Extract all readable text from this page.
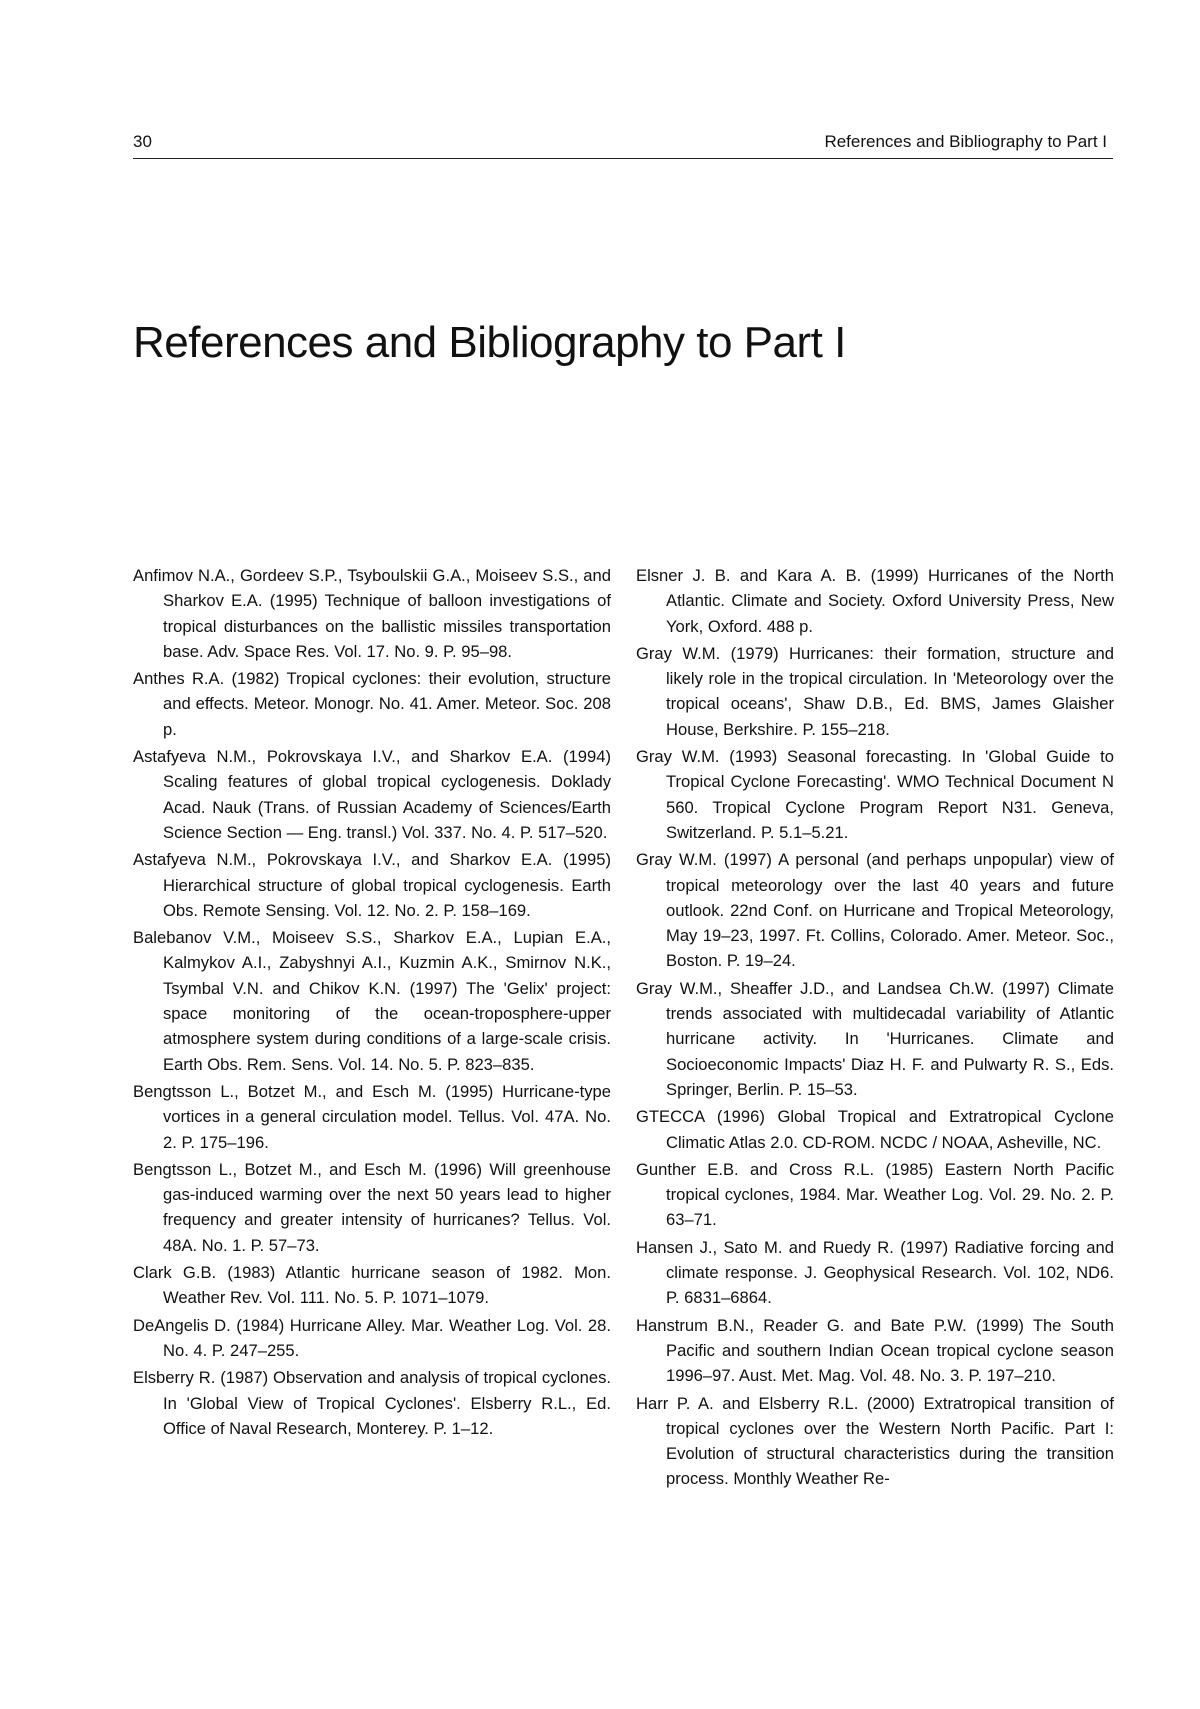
30	References and Bibliography to Part I
References and Bibliography to Part I
Anfimov N.A., Gordeev S.P., Tsyboulskii G.A., Moiseev S.S., and Sharkov E.A. (1995) Technique of balloon investigations of tropical disturbances on the ballistic missiles transportation base. Adv. Space Res. Vol. 17. No. 9. P. 95–98.
Anthes R.A. (1982) Tropical cyclones: their evolution, structure and effects. Meteor. Monogr. No. 41. Amer. Meteor. Soc. 208 p.
Astafyeva N.M., Pokrovskaya I.V., and Sharkov E.A. (1994) Scaling features of global tropical cyclogenesis. Doklady Acad. Nauk (Trans. of Russian Academy of Sciences/Earth Science Section — Eng. transl.) Vol. 337. No. 4. P. 517–520.
Astafyeva N.M., Pokrovskaya I.V., and Sharkov E.A. (1995) Hierarchical structure of global tropical cyclogenesis. Earth Obs. Remote Sensing. Vol. 12. No. 2. P. 158–169.
Balebanov V.M., Moiseev S.S., Sharkov E.A., Lupian E.A., Kalmykov A.I., Zabyshnyi A.I., Kuzmin A.K., Smirnov N.K., Tsymbal V.N. and Chikov K.N. (1997) The 'Gelix' project: space monitoring of the ocean-troposphere-upper atmosphere system during conditions of a large-scale crisis. Earth Obs. Rem. Sens. Vol. 14. No. 5. P. 823–835.
Bengtsson L., Botzet M., and Esch M. (1995) Hurricane-type vortices in a general circulation model. Tellus. Vol. 47A. No. 2. P. 175–196.
Bengtsson L., Botzet M., and Esch M. (1996) Will greenhouse gas-induced warming over the next 50 years lead to higher frequency and greater intensity of hurricanes? Tellus. Vol. 48A. No. 1. P. 57–73.
Clark G.B. (1983) Atlantic hurricane season of 1982. Mon. Weather Rev. Vol. 111. No. 5. P. 1071–1079.
DeAngelis D. (1984) Hurricane Alley. Mar. Weather Log. Vol. 28. No. 4. P. 247–255.
Elsberry R. (1987) Observation and analysis of tropical cyclones. In 'Global View of Tropical Cyclones'. Elsberry R.L., Ed. Office of Naval Research, Monterey. P. 1–12.
Elsner J. B. and Kara A. B. (1999) Hurricanes of the North Atlantic. Climate and Society. Oxford University Press, New York, Oxford. 488 p.
Gray W.M. (1979) Hurricanes: their formation, structure and likely role in the tropical circulation. In 'Meteorology over the tropical oceans', Shaw D.B., Ed. BMS, James Glaisher House, Berkshire. P. 155–218.
Gray W.M. (1993) Seasonal forecasting. In 'Global Guide to Tropical Cyclone Forecasting'. WMO Technical Document N 560. Tropical Cyclone Program Report N31. Geneva, Switzerland. P. 5.1–5.21.
Gray W.M. (1997) A personal (and perhaps unpopular) view of tropical meteorology over the last 40 years and future outlook. 22nd Conf. on Hurricane and Tropical Meteorology, May 19–23, 1997. Ft. Collins, Colorado. Amer. Meteor. Soc., Boston. P. 19–24.
Gray W.M., Sheaffer J.D., and Landsea Ch.W. (1997) Climate trends associated with multidecadal variability of Atlantic hurricane activity. In 'Hurricanes. Climate and Socioeconomic Impacts' Diaz H. F. and Pulwarty R. S., Eds. Springer, Berlin. P. 15–53.
GTECCA (1996) Global Tropical and Extratropical Cyclone Climatic Atlas 2.0. CD-ROM. NCDC / NOAA, Asheville, NC.
Gunther E.B. and Cross R.L. (1985) Eastern North Pacific tropical cyclones, 1984. Mar. Weather Log. Vol. 29. No. 2. P. 63–71.
Hansen J., Sato M. and Ruedy R. (1997) Radiative forcing and climate response. J. Geophysical Research. Vol. 102, ND6. P. 6831–6864.
Hanstrum B.N., Reader G. and Bate P.W. (1999) The South Pacific and southern Indian Ocean tropical cyclone season 1996–97. Aust. Met. Mag. Vol. 48. No. 3. P. 197–210.
Harr P. A. and Elsberry R.L. (2000) Extratropical transition of tropical cyclones over the Western North Pacific. Part I: Evolution of structural characteristics during the transition process. Monthly Weather Re-
